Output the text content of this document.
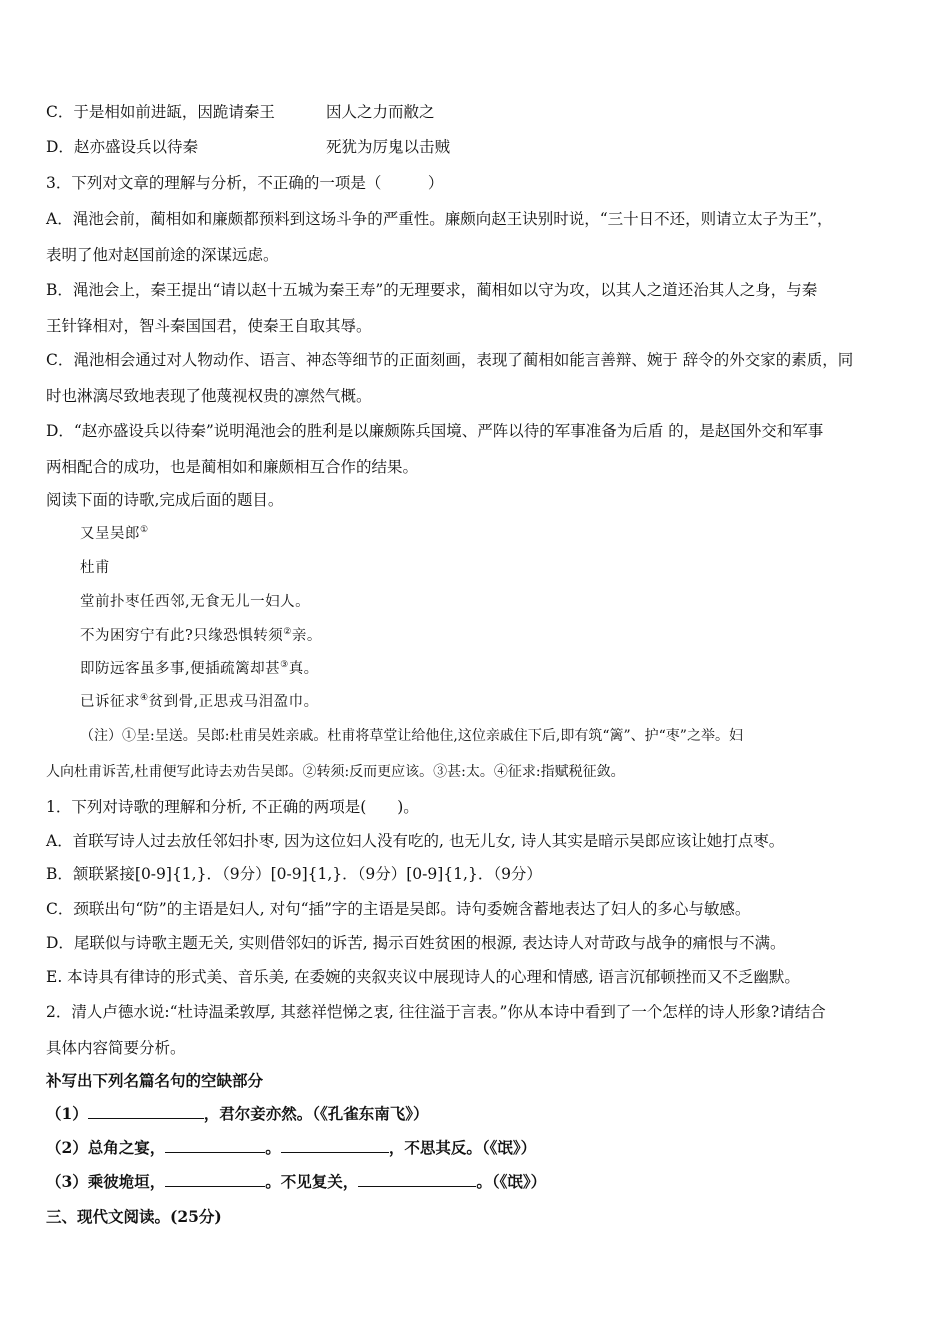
C．于是相如前进缻，因跪请秦王	因人之力而敝之
D．赵亦盛设兵以待秦	死犹为厉鬼以击贼
3．下列对文章的理解与分析，不正确的一项是（　　　）
A．渑池会前，蔺相如和廉颇都预料到这场斗争的严重性。廉颇向赵王诀别时说，“三十日不还，则请立太子为王”，
表明了他对赵国前途的深谋远虑。
B．渑池会上，秦王提出“请以赵十五城为秦王寿”的无理要求，蔺相如以守为攻，以其人之道还治其人之身，与秦
王针锋相对，智斗秦国国君，使秦王自取其辱。
C．渑池相会通过对人物动作、语言、神态等细节的正面刻画，表现了蔺相如能言善辩、婉于 辞令的外交家的素质，同
时也淋漓尽致地表现了他蔑视权贵的凛然气概。
D．“赵亦盛设兵以待秦”说明渑池会的胜利是以廉颇陈兵国境、严阵以待的军事准备为后盾 的，是赵国外交和军事
两相配合的成功，也是蔺相如和廉颇相互合作的结果。
阅读下面的诗歌,完成后面的题目。
又呈吴郎①
杜甫
堂前扑枣任西邻,无食无儿一妇人。
不为困穷宁有此?只缘恐惧转须②亲。
即防远客虽多事,便插疏篱却甚③真。
已诉征求④贫到骨,正思戎马泪盈巾。
（注）①呈:呈送。吴郎:杜甫吴姓亲戚。杜甫将草堂让给他住,这位亲戚住下后,即有筑“篱”、护“枣”之举。妇
人向杜甫诉苦,杜甫便写此诗去劝告吴郎。②转须:反而更应该。③甚:太。④征求:指赋税征敛。
1．下列对诗歌的理解和分析, 不正确的两项是(　　)。
A．首联写诗人过去放任邻妇扑枣, 因为这位妇人没有吃的, 也无儿女, 诗人其实是暗示吴郎应该让她打点枣。
B．颔联紧接[0-9]{1,}．（9分）[0-9]{1,}．（9分）[0-9]{1,}．（9分）
C．颈联出句“防”的主语是妇人, 对句“插”字的主语是吴郎。诗句委婉含蓄地表达了妇人的多心与敏感。
D．尾联似与诗歌主题无关, 实则借邻妇的诉苦, 揭示百姓贫困的根源, 表达诗人对苛政与战争的痛恨与不满。
E. 本诗具有律诗的形式美、音乐美, 在委婉的夹叙夹议中展现诗人的心理和情感, 语言沉郁顿挫而又不乏幽默。
2．清人卢德水说:“杜诗温柔敦厚, 其慈祥恺悌之衷, 往往溢于言表。”你从本诗中看到了一个怎样的诗人形象?请结合
具体内容简要分析。
补写出下列名篇名句的空缺部分
（1）	，君尔妾亦然。（《孔雀东南飞》）
（2）总角之宴，	。	，不思其反。（《氓》）
（3）乘彼垝垣，	。不见复关，	。（《氓》）
三、现代文阅读。(25分)
